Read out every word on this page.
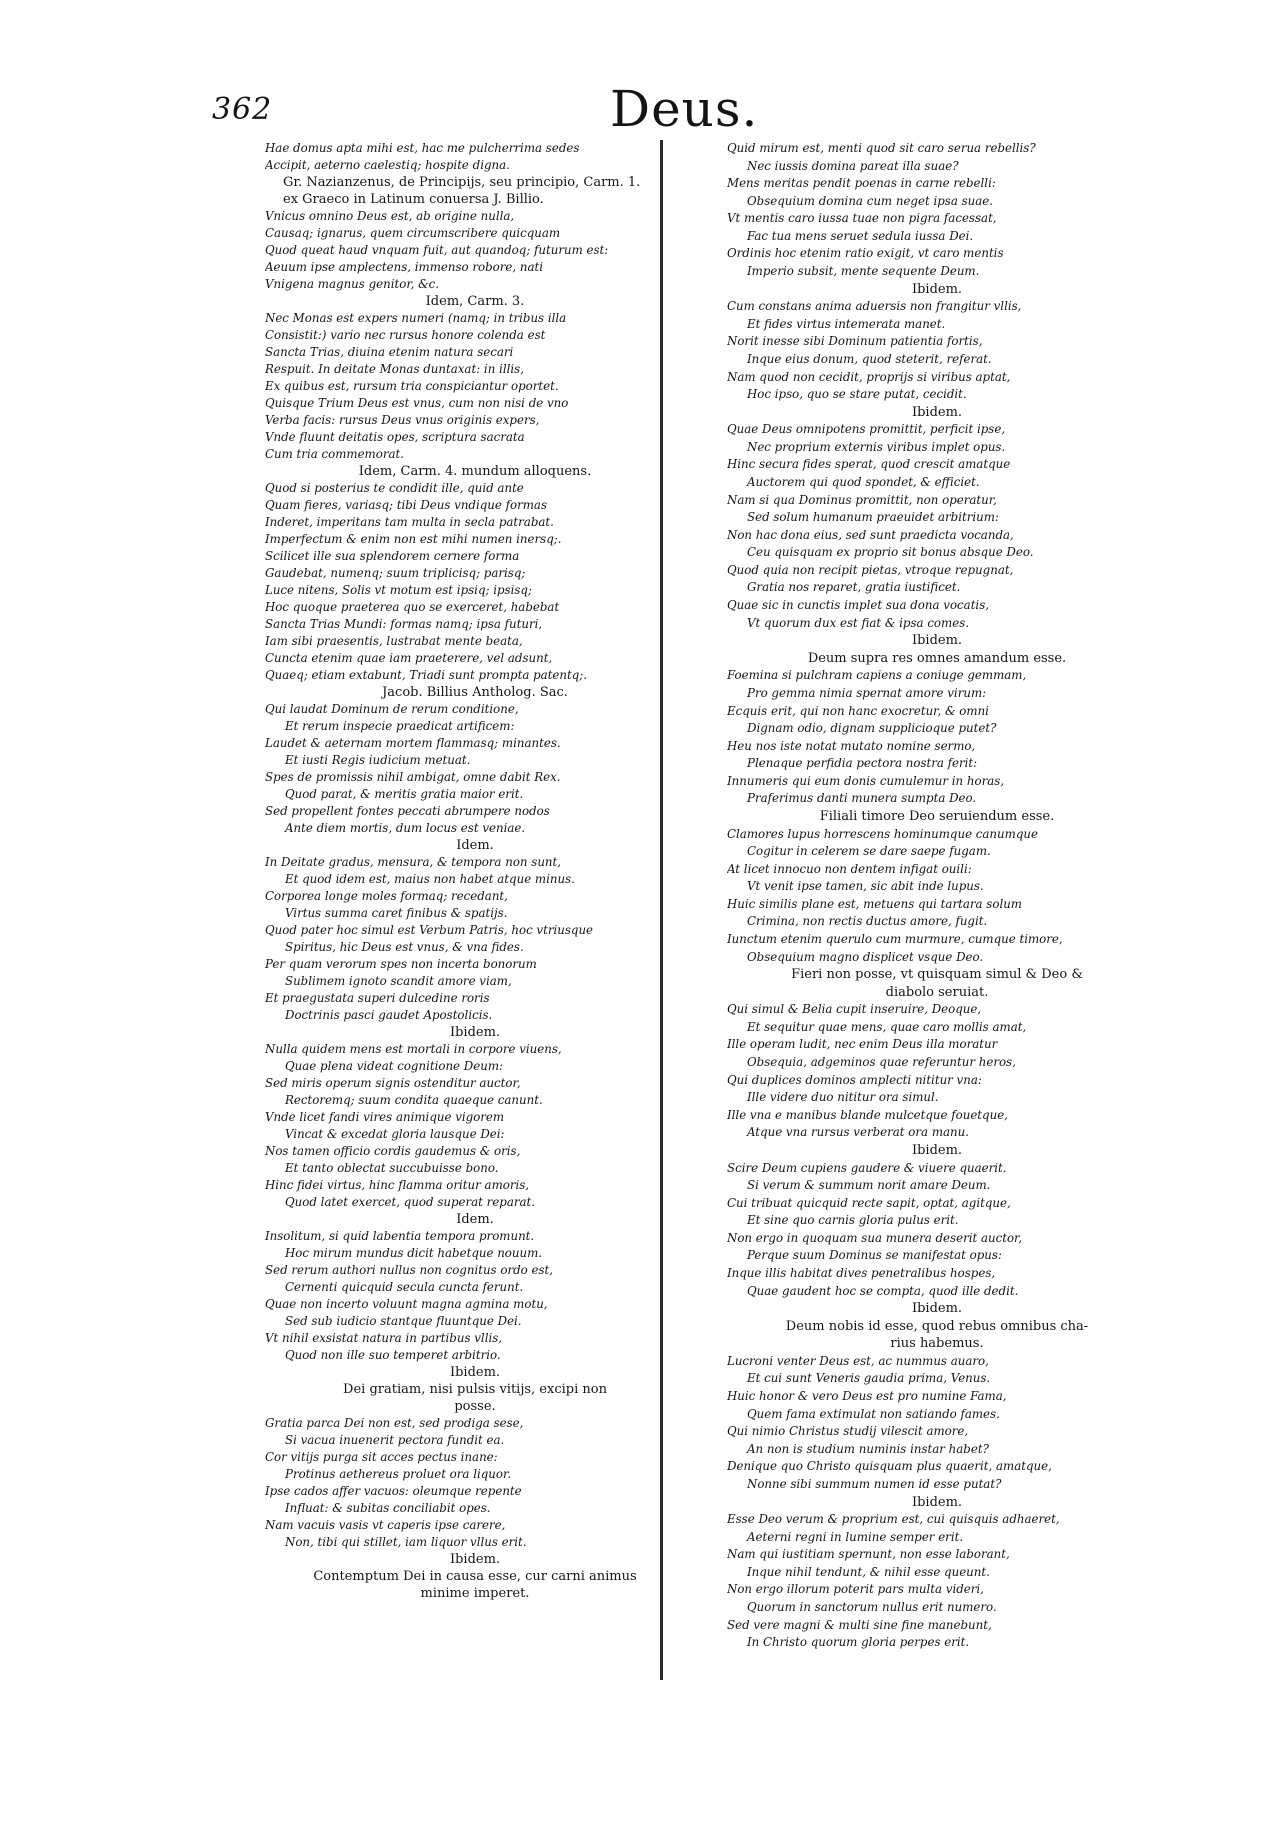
362	Deus.
Hae domus apta mihi est, hac me pulcherrima sedes
Accipit, aeterno caelestiq; hospite digna.
Gr. Nazianzenus, de Principijs, seu principio, Carm. 1.
ex Graeco in Latinum conuersa J. Billio.
Vnicus omnino Deus est, ab origine nulla,
Causaq; ignarus, quem circumscribere quicquam
Quod queat haud vnquam fuit, aut quandoq; futurum est:
Aeuum ipse amplectens, immenso robore, nati
Vnigena magnus genitor, &c.
Idem, Carm. 3.
Nec Monas est expers numeri (namq; in tribus illa
Consistit:) vario nec rursus honore colenda est
Sancta Trias, diuina etenim natura secari
Respuit. In deitate Monas duntaxat: in illis,
Ex quibus est, rursum tria conspiciantur oportet.
Quisque Trium Deus est vnus, cum non nisi de vno
Verba facis: rursus Deus vnus originis expers,
Vnde fluunt deitatis opes, scriptura sacrata
Cum tria commemorat.
Idem, Carm. 4. mundum alloquens.
Quod si posterius te condidit ille, quid ante
Quam fieres, variasq; tibi Deus vndique formas
Inderet, imperitans tam multa in secla patrabat.
Imperfectum & enim non est mihi numen inersq;.
Scilicet ille sua splendorem cernere forma
Gaudebat, numenq; suum triplicisq; parisq;
Luce nitens, Solis vt motum est ipsiq; ipsisq;
Hoc quoque praeterea quo se exerceret, habebat
Sancta Trias Mundi: formas namq; ipsa futuri,
Iam sibi praesentis, lustrabat mente beata,
Cuncta etenim quae iam praeterere, vel adsunt,
Quaeq; etiam extabunt, Triadi sunt prompta patentq;.
Jacob. Billius Antholog. Sac.
Qui laudat Dominum de rerum conditione,
Et rerum inspecie praedicat artificem:
Laudet & aeternam mortem flammasq; minantes.
Et iusti Regis iudicium metuat.
Spes de promissis nihil ambigat, omne dabit Rex.
Quod parat, & meritis gratia maior erit.
Sed propellent fontes peccati abrumpere nodos
Ante diem mortis, dum locus est veniae.
Idem.
In Deitate gradus, mensura, & tempora non sunt,
Et quod idem est, maius non habet atque minus.
Corporea longe moles formaq; recedant,
Virtus summa caret finibus & spatijs.
Quod pater hoc simul est Verbum Patris, hoc vtriusque
Spiritus, hic Deus est vnus, & vna fides.
Per quam verorum spes non incerta bonorum
Sublimem ignoto scandit amore viam,
Et praegustata superi dulcedine roris
Doctrinis pasci gaudet Apostolicis.
Ibidem.
Nulla quidem mens est mortali in corpore viuens,
Quae plena videat cognitione Deum:
Sed miris operum signis ostenditur auctor,
Rectoremq; suum condita quaeque canunt.
Vnde licet fandi vires animique vigorem
Vincat & excedat gloria lausque Dei:
Nos tamen officio cordis gaudemus & oris,
Et tanto oblectat succubuisse bono.
Hinc fidei virtus, hinc flamma oritur amoris,
Quod latet exercet, quod superat reparat.
Idem.
Insolitum, si quid labentia tempora promunt.
Hoc mirum mundus dicit habetque nouum.
Sed rerum authori nullus non cognitus ordo est,
Cernenti quicquid secula cuncta ferunt.
Quae non incerto voluunt magna agmina motu,
Sed sub iudicio stantque fluuntque Dei.
Vt nihil exsistat natura in partibus vllis,
Quod non ille suo temperet arbitrio.
Ibidem.
Dei gratiam, nisi pulsis vitijs, excipi non
posse.
Gratia parca Dei non est, sed prodiga sese,
Si vacua inuenerit pectora fundit ea.
Cor vitijs purga sit acces pectus inane:
Protinus aethereus proluet ora liquor.
Ipse cados affer vacuos: oleumque repente
Influat: & subitas conciliabit opes.
Nam vacuis vasis vt caperis ipse carere,
Non, tibi qui stillet, iam liquor vllus erit.
Ibidem.
Contemptum Dei in causa esse, cur carni animus
minime imperet.
Quid mirum est, menti quod sit caro serua rebellis?
Nec iussis domina pareat illa suae?
Mens meritas pendit poenas in carne rebelli:
Obsequium domina cum neget ipsa suae.
Vt mentis caro iussa tuae non pigra facessat,
Fac tua mens seruet sedula iussa Dei.
Ordinis hoc etenim ratio exigit, vt caro mentis
Imperio subsit, mente sequente Deum.
Ibidem.
Cum constans anima aduersis non frangitur vllis,
Et fides virtus intemerata manet.
Norit inesse sibi Dominum patientia fortis,
Inque eius donum, quod steterit, referat.
Nam quod non cecidit, proprijs si viribus aptat,
Hoc ipso, quo se stare putat, cecidit.
Ibidem.
Quae Deus omnipotens promittit, perficit ipse,
Nec proprium externis viribus implet opus.
Hinc secura fides sperat, quod crescit amatque
Auctorem qui quod spondet, & efficiet.
Nam si qua Dominus promittit, non operatur,
Sed solum humanum praeuidet arbitrium:
Non hac dona eius, sed sunt praedicta vocanda,
Ceu quisquam ex proprio sit bonus absque Deo.
Quod quia non recipit pietas, vtroque repugnat,
Gratia nos reparet, gratia iustificet.
Quae sic in cunctis implet sua dona vocatis,
Vt quorum dux est fiat & ipsa comes.
Ibidem.
Deum supra res omnes amandum esse.
Foemina si pulchram capiens a coniuge gemmam,
Pro gemma nimia spernat amore virum:
Ecquis erit, qui non hanc exocretur, & omni
Dignam odio, dignam supplicioque putet?
Heu nos iste notat mutato nomine sermo,
Plenaque perfidia pectora nostra ferit:
Innumeris qui eum donis cumulemur in horas,
Praferimus danti munera sumpta Deo.
Filiali timore Deo seruiendum esse.
Clamores lupus horrescens hominumque canumque
Cogitur in celerem se dare saepe fugam.
At licet innocuo non dentem infigat ouili:
Vt venit ipse tamen, sic abit inde lupus.
Huic similis plane est, metuens qui tartara solum
Crimina, non rectis ductus amore, fugit.
Iunctum etenim querulo cum murmure, cumque timore,
Obsequium magno displicet vsque Deo.
Fieri non posse, vt quisquam simul & Deo &
diabolo seruiat.
Qui simul & Belia cupit inseruire, Deoque,
Et sequitur quae mens, quae caro mollis amat,
Ille operam ludit, nec enim Deus illa moratur
Obsequia, adgeminos quae referuntur heros,
Qui duplices dominos amplecti nititur vna:
Ille videre duo nititur ora simul.
Ille vna e manibus blande mulcetque fouetque,
Atque vna rursus verberat ora manu.
Ibidem.
Scire Deum cupiens gaudere & viuere quaerit.
Si verum & summum norit amare Deum.
Cui tribuat quicquid recte sapit, optat, agitque,
Et sine quo carnis gloria pulus erit.
Non ergo in quoquam sua munera deserit auctor,
Perque suum Dominus se manifestat opus:
Inque illis habitat dives penetralibus hospes,
Quae gaudent hoc se compta, quod ille dedit.
Ibidem.
Deum nobis id esse, quod rebus omnibus cha-
rius habemus.
Lucroni venter Deus est, ac nummus auaro,
Et cui sunt Veneris gaudia prima, Venus.
Huic honor & vero Deus est pro numine Fama,
Quem fama extimulat non satiando fames.
Qui nimio Christus studij vilescit amore,
An non is studium numinis instar habet?
Denique quo Christo quisquam plus quaerit, amatque,
Nonne sibi summum numen id esse putat?
Ibidem.
Esse Deo verum & proprium est, cui quisquis adhaeret,
Aeterni regni in lumine semper erit.
Nam qui iustitiam spernunt, non esse laborant,
Inque nihil tendunt, & nihil esse queunt.
Non ergo illorum poterit pars multa videri,
Quorum in sanctorum nullus erit numero.
Sed vere magni & multi sine fine manebunt,
In Christo quorum gloria perpes erit.
